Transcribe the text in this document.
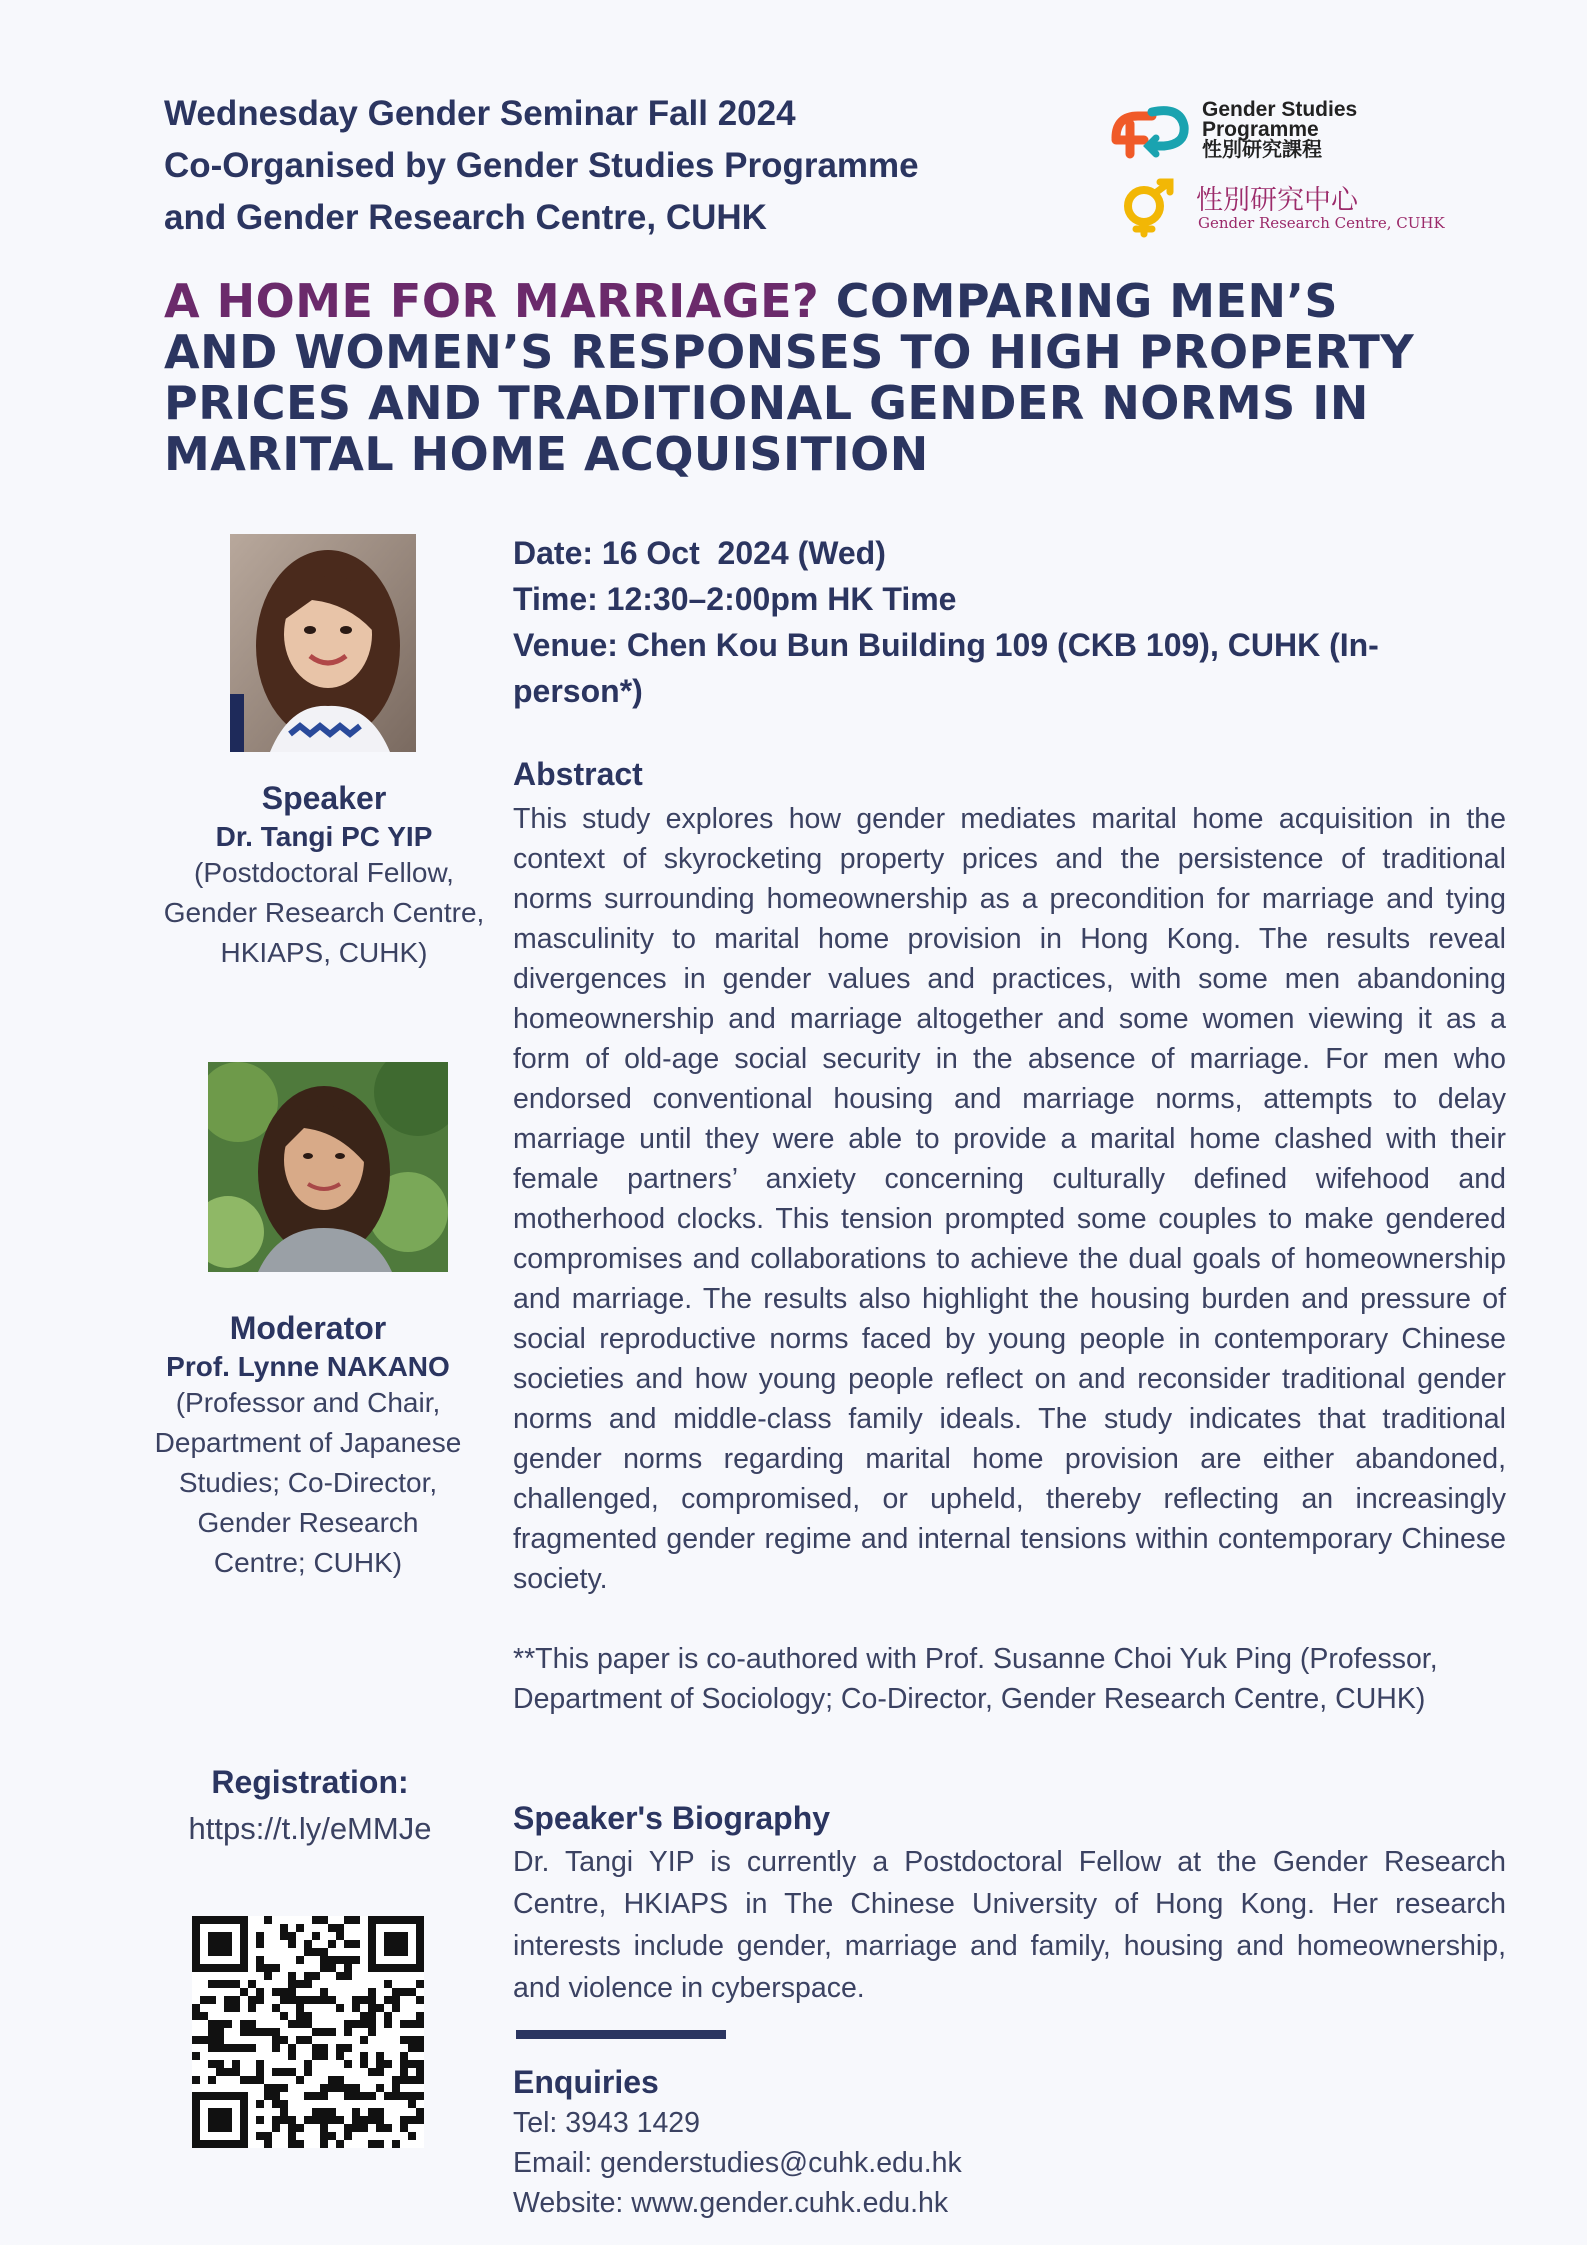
Wednesday Gender Seminar Fall 2024
Co-Organised by Gender Studies Programme
and Gender Research Centre, CUHK
Gender Studies
Programme
性別研究課程
性別研究中心
Gender Research Centre, CUHK
A HOME FOR MARRIAGE? COMPARING MEN’S
AND WOMEN’S RESPONSES TO HIGH PROPERTY
PRICES AND TRADITIONAL GENDER NORMS IN
MARITAL HOME ACQUISITION
Speaker
Dr. Tangi PC YIP
(Postdoctoral Fellow,
Gender Research Centre,
HKIAPS, CUHK)
Moderator
Prof. Lynne NAKANO
(Professor and Chair,
Department of Japanese
Studies; Co-Director,
Gender Research
Centre; CUHK)
Registration:
https://t.ly/eMMJe
Date: 16 Oct  2024 (Wed)
Time: 12:30–2:00pm HK Time
Venue: Chen Kou Bun Building 109 (CKB 109), CUHK (In-
person*)
Abstract
This study explores how gender mediates marital home acquisition in the context of skyrocketing property prices and the persistence of traditional norms surrounding homeownership as a precondition for marriage and tying masculinity to marital home provision in Hong Kong. The results reveal divergences in gender values and practices, with some men abandoning homeownership and marriage altogether and some women viewing it as a form of old-age social security in the absence of marriage. For men who endorsed conventional housing and marriage norms, attempts to delay marriage until they were able to provide a marital home clashed with their female partners’ anxiety concerning culturally defined wifehood and motherhood clocks. This tension prompted some couples to make gendered compromises and collaborations to achieve the dual goals of homeownership and marriage. The results also highlight the housing burden and pressure of social reproductive norms faced by young people in contemporary Chinese societies and how young people reflect on and reconsider traditional gender norms and middle-class family ideals. The study indicates that traditional gender norms regarding marital home provision are either abandoned, challenged, compromised, or upheld, thereby reflecting an increasingly fragmented gender regime and internal tensions within contemporary Chinese society.
**This paper is co-authored with Prof. Susanne Choi Yuk Ping (Professor, Department of Sociology; Co-Director, Gender Research Centre, CUHK)
Speaker's Biography
Dr. Tangi YIP is currently a Postdoctoral Fellow at the Gender Research Centre, HKIAPS in The Chinese University of Hong Kong. Her research interests include gender, marriage and family, housing and homeownership, and violence in cyberspace.
Enquiries
Tel: 3943 1429
Email: genderstudies@cuhk.edu.hk
Website: www.gender.cuhk.edu.hk
